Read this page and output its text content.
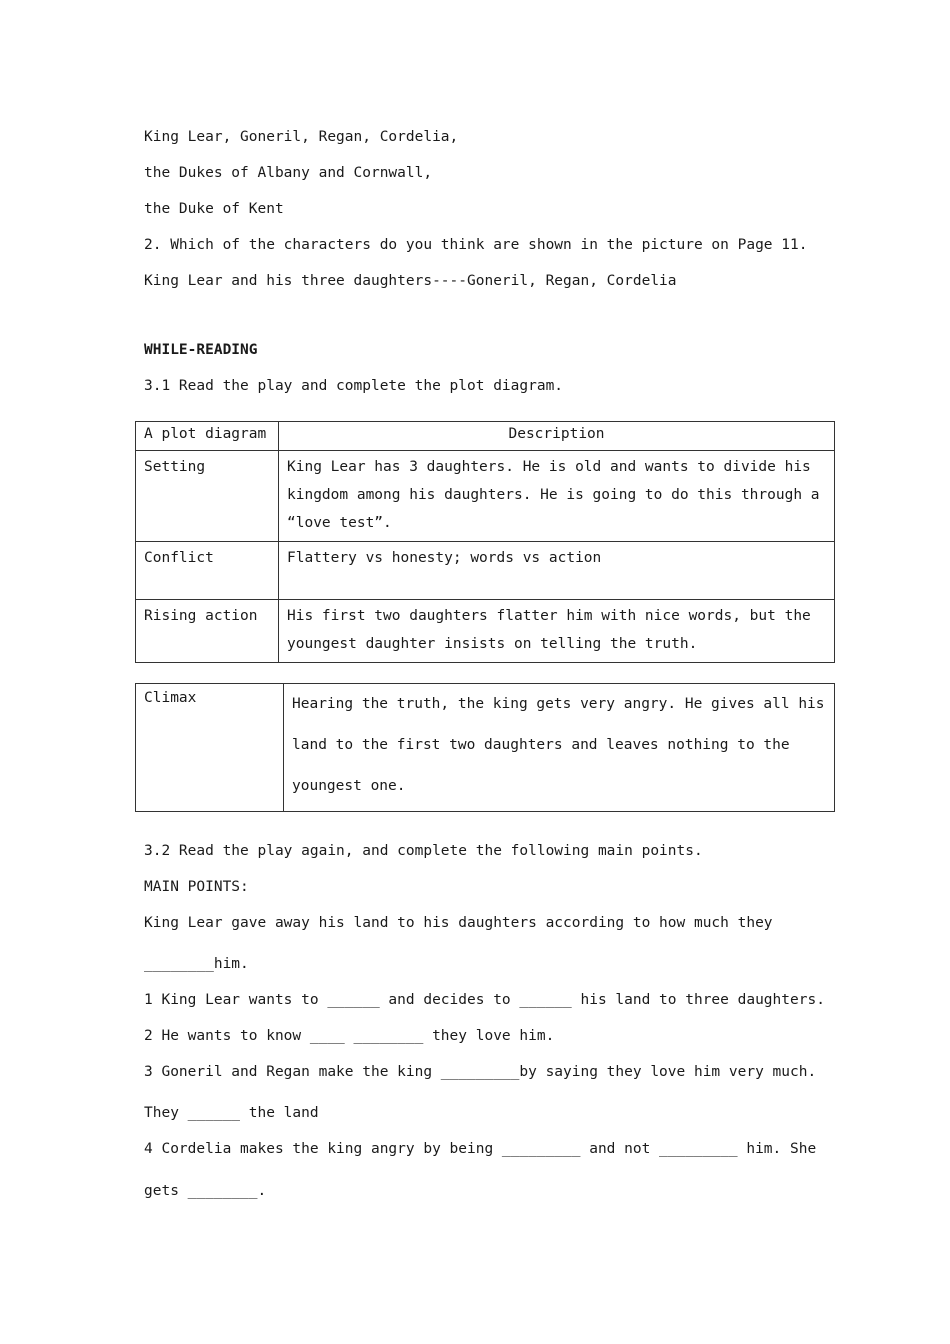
King Lear, Goneril, Regan, Cordelia,
the Dukes of Albany and Cornwall,
the Duke of Kent
2. Which of the characters do you think are shown in the picture on Page 11.
King Lear and his three daughters----Goneril, Regan, Cordelia
WHILE-READING
3.1 Read the play and complete the plot diagram.
A plot diagram	Description
Setting	King Lear has 3 daughters. He is old and wants to divide his kingdom among his daughters. He is going to do this through a “love test”.
Conflict	Flattery vs honesty; words vs action
Rising action	His first two daughters flatter him with nice words, but the youngest daughter insists on telling the truth.
Climax	Hearing the truth, the king gets very angry. He gives all his land to the first two daughters and leaves nothing to the youngest one.
3.2 Read the play again, and complete the following main points.
MAIN POINTS:
King Lear gave away his land to his daughters according to how much they
________him.
1 King Lear wants to ______ and decides to ______ his land to three daughters.
2 He wants to know ____ ________ they love him.
3 Goneril and Regan make the king _________by saying they love him very much.
They ______ the land
4 Cordelia makes the king angry by being _________ and not _________ him. She
gets ________.
